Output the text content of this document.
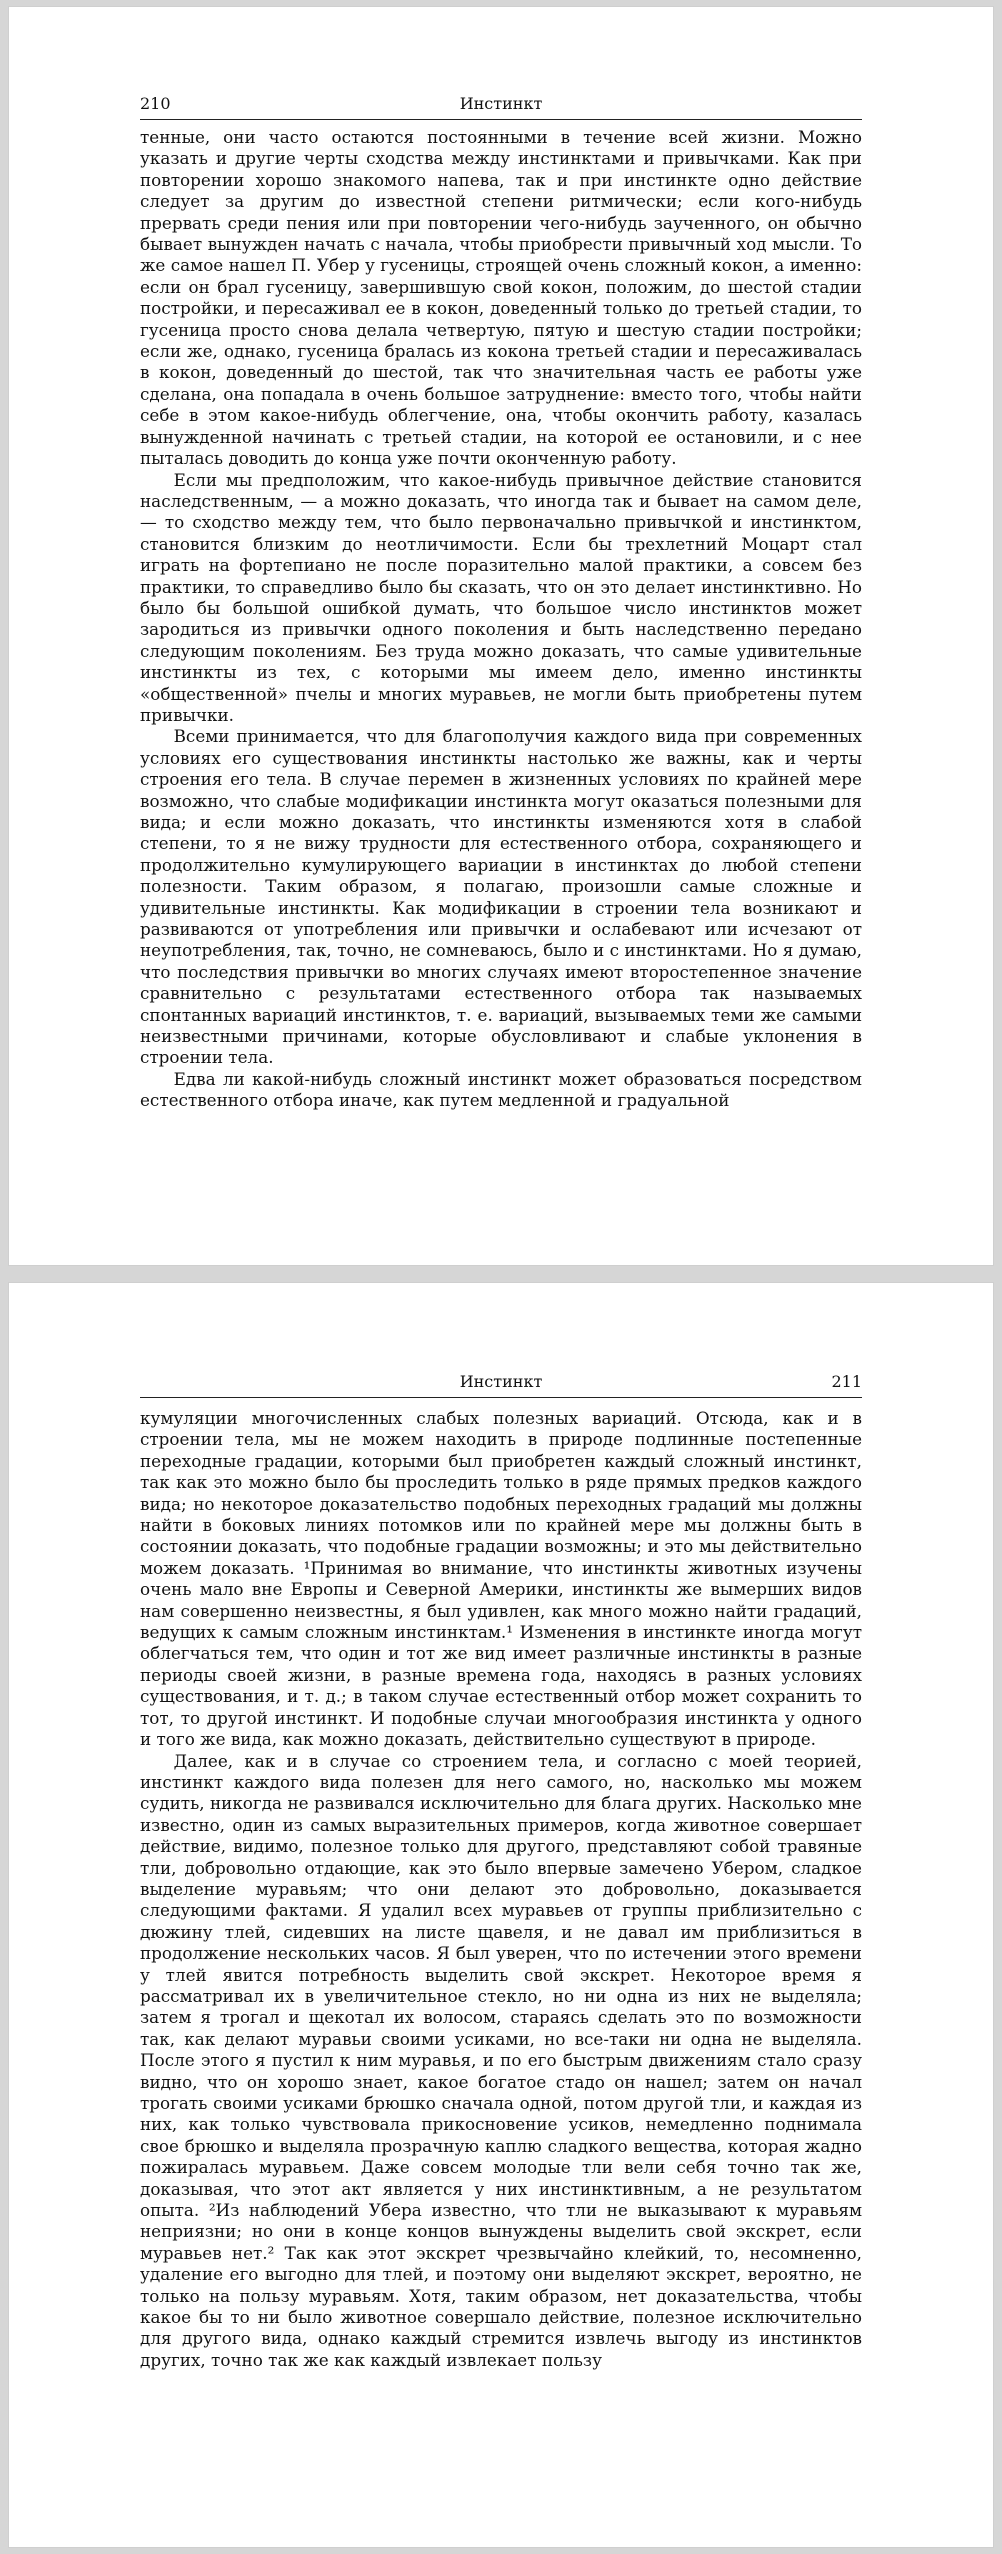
210	Инстинкт

тенные, они часто остаются постоянными в течение всей жизни. Можно указать и другие черты сходства между инстинктами и привычками. Как при повторении хорошо знакомого напева, так и при инстинкте одно действие следует за другим до известной степени ритмически; если кого-нибудь прервать среди пения или при повторении чего-нибудь заученного, он обычно бывает вынужден начать с начала, чтобы приобрести привычный ход мысли. То же самое нашел П. Убер у гусеницы, строящей очень сложный кокон, а именно: если он брал гусеницу, завершившую свой кокон, положим, до шестой стадии постройки, и пересаживал ее в кокон, доведенный только до третьей стадии, то гусеница просто снова делала четвертую, пятую и шестую стадии постройки; если же, однако, гусеница бралась из кокона третьей стадии и пересаживалась в кокон, доведенный до шестой, так что значительная часть ее работы уже сделана, она попадала в очень большое затруднение: вместо того, чтобы найти себе в этом какое-нибудь облегчение, она, чтобы окончить работу, казалась вынужденной начинать с третьей стадии, на которой ее остановили, и с нее пыталась доводить до конца уже почти оконченную работу.

Если мы предположим, что какое-нибудь привычное действие становится наследственным, — а можно доказать, что иногда так и бывает на самом деле, — то сходство между тем, что было первоначально привычкой и инстинктом, становится близким до неотличимости. Если бы трехлетний Моцарт стал играть на фортепиано не после поразительно малой практики, а совсем без практики, то справедливо было бы сказать, что он это делает инстинктивно. Но было бы большой ошибкой думать, что большое число инстинктов может зародиться из привычки одного поколения и быть наследственно передано следующим поколениям. Без труда можно доказать, что самые удивительные инстинкты из тех, с которыми мы имеем дело, именно инстинкты «общественной» пчелы и многих муравьев, не могли быть приобретены путем привычки.

Всеми принимается, что для благополучия каждого вида при современных условиях его существования инстинкты настолько же важны, как и черты строения его тела. В случае перемен в жизненных условиях по крайней мере возможно, что слабые модификации инстинкта могут оказаться полезными для вида; и если можно доказать, что инстинкты изменяются хотя в слабой степени, то я не вижу трудности для естественного отбора, сохраняющего и продолжительно кумулирующего вариации в инстинктах до любой степени полезности. Таким образом, я полагаю, произошли самые сложные и удивительные инстинкты. Как модификации в строении тела возникают и развиваются от употребления или привычки и ослабевают или исчезают от неупотребления, так, точно, не сомневаюсь, было и с инстинктами. Но я думаю, что последствия привычки во многих случаях имеют второстепенное значение сравнительно с результатами естественного отбора так называемых спонтанных вариаций инстинктов, т. е. вариаций, вызываемых теми же самыми неизвестными причинами, которые обусловливают и слабые уклонения в строении тела.

Едва ли какой-нибудь сложный инстинкт может образоваться посредством естественного отбора иначе, как путем медленной и градуальной

Инстинкт	211

кумуляции многочисленных слабых полезных вариаций. Отсюда, как и в строении тела, мы не можем находить в природе подлинные постепенные переходные градации, которыми был приобретен каждый сложный инстинкт, так как это можно было бы проследить только в ряде прямых предков каждого вида; но некоторое доказательство подобных переходных градаций мы должны найти в боковых линиях потомков или по крайней мере мы должны быть в состоянии доказать, что подобные градации возможны; и это мы действительно можем доказать. ¹Принимая во внимание, что инстинкты животных изучены очень мало вне Европы и Северной Америки, инстинкты же вымерших видов нам совершенно неизвестны, я был удивлен, как много можно найти градаций, ведущих к самым сложным инстинктам.¹ Изменения в инстинкте иногда могут облегчаться тем, что один и тот же вид имеет различные инстинкты в разные периоды своей жизни, в разные времена года, находясь в разных условиях существования, и т. д.; в таком случае естественный отбор может сохранить то тот, то другой инстинкт. И подобные случаи многообразия инстинкта у одного и того же вида, как можно доказать, действительно существуют в природе.

Далее, как и в случае со строением тела, и согласно с моей теорией, инстинкт каждого вида полезен для него самого, но, насколько мы можем судить, никогда не развивался исключительно для блага других. Насколько мне известно, один из самых выразительных примеров, когда животное совершает действие, видимо, полезное только для другого, представляют собой травяные тли, добровольно отдающие, как это было впервые замечено Убером, сладкое выделение муравьям; что они делают это добровольно, доказывается следующими фактами. Я удалил всех муравьев от группы приблизительно с дюжину тлей, сидевших на листе щавеля, и не давал им приблизиться в продолжение нескольких часов. Я был уверен, что по истечении этого времени у тлей явится потребность выделить свой экскрет. Некоторое время я рассматривал их в увеличительное стекло, но ни одна из них не выделяла; затем я трогал и щекотал их волосом, стараясь сделать это по возможности так, как делают муравьи своими усиками, но все-таки ни одна не выделяла. После этого я пустил к ним муравья, и по его быстрым движениям стало сразу видно, что он хорошо знает, какое богатое стадо он нашел; затем он начал трогать своими усиками брюшко сначала одной, потом другой тли, и каждая из них, как только чувствовала прикосновение усиков, немедленно поднимала свое брюшко и выделяла прозрачную каплю сладкого вещества, которая жадно пожиралась муравьем. Даже совсем молодые тли вели себя точно так же, доказывая, что этот акт является у них инстинктивным, а не результатом опыта. ²Из наблюдений Убера известно, что тли не выказывают к муравьям неприязни; но они в конце концов вынуждены выделить свой экскрет, если муравьев нет.² Так как этот экскрет чрезвычайно клейкий, то, несомненно, удаление его выгодно для тлей, и поэтому они выделяют экскрет, вероятно, не только на пользу муравьям. Хотя, таким образом, нет доказательства, чтобы какое бы то ни было животное совершало действие, полезное исключительно для другого вида, однако каждый стремится извлечь выгоду из инстинктов других, точно так же как каждый извлекает пользу
